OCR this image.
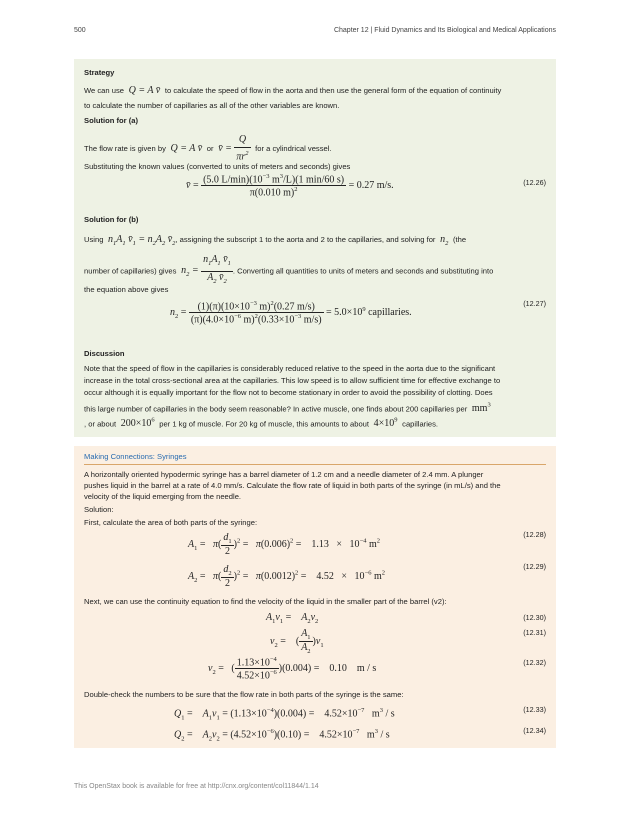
500	Chapter 12 | Fluid Dynamics and Its Biological and Medical Applications
Strategy
We can use  Q = A v̄  to calculate the speed of flow in the aorta and then use the general form of the equation of continuity
to calculate the number of capillaries as all of the other variables are known.
Solution for (a)
The flow rate is given by  Q = A v̄  or  v̄ = $\frac{Q}{\pi r^2}$ for a cylindrical vessel.
Substituting the known values (converted to units of meters and seconds) gives
v̄ = $\frac{(5.0 L/\min)(10^{-3} m^3/L)(1 \min/60 s)}{\pi(0.010 m)^2} = 0.27$ m/s.	(12.26)
Solution for (b)
Using  $n_1A_1$ $v̄_1 = n_2A_2$ $v̄_2$, assigning the subscript 1 to the aorta and 2 to the capillaries, and solving for  $n_2$ (the
number of capillaries) gives  $n_2 = \frac{n_1A_1 v̄_1}{A_2 v̄_2}$ . Converting all quantities to units of meters and seconds and substituting into
the equation above gives
$n_2 = \frac{(1)(\pi)(10\times 10^{-3} m)^2(0.27 m/s)}{(\pi)(4.0\times 10^{-6} m)^2(0.33\times 10^{-3} m/s)} = 5.0\times 10^9$ capillaries.
(12.27)
Discussion
Note that the speed of flow in the capillaries is considerably reduced relative to the speed in the aorta due to the significant
increase in the total cross-sectional area at the capillaries. This low speed is to allow sufficient time for effective exchange to
occur although it is equally important for the flow not to become stationary in order to avoid the possibility of clotting. Does
this large number of capillaries in the body seem reasonable? In active muscle, one finds about 200 capillaries per  $mm^3$
, or about  $200\times 10^6$ per 1 kg of muscle. For 20 kg of muscle, this amounts to about  $4\times 10^9$ capillaries.
Making Connections: Syringes
A horizontally oriented hypodermic syringe has a barrel diameter of 1.2 cm and a needle diameter of 2.4 mm. A plunger
pushes liquid in the barrel at a rate of 4.0 mm/s. Calculate the flow rate of liquid in both parts of the syringe (in mL/s) and the
velocity of the liquid emerging from the needle.
Solution:
First, calculate the area of both parts of the syringe:
$A_1 = \pi( \frac{d_1}{2} )^2 = \pi(0.006)^2$ =    $1.13 \times 10^{-4}$ $m^2$
(12.28)
$A_2 = \pi( \frac{d_2}{2} )^2 = \pi(0.0012)^2$ =    $4.52 \times 10^{-6}$ $m^2$
(12.29)
Next, we can use the continuity equation to find the velocity of the liquid in the smaller part of the barrel (v2):
$A_1v_1$ =    $A_2v_2$	(12.30)
$v_2$ =    ( $\frac{A_1}{A_2} )v_1$
(12.31)
$v_2$ =   ( $\frac{1.13\times 10^{-4}}{4.52\times 10^{-6}} )(0.004)$ =    0.10    m / s
(12.32)
Double-check the numbers to be sure that the flow rate in both parts of the syringe is the same:
$Q_1$ =    $A_1v_1 = (1.13\times 10^{-4})(0.004)$ =    $4.52\times 10^{-7}$   $m^3$ / s	(12.33)
$Q_2$ =    $A_2v_2 = (4.52\times 10^{-6})(0.10)$ =    $4.52\times 10^{-7}$   $m^3$ / s	(12.34)
This OpenStax book is available for free at http://cnx.org/content/col11844/1.14
